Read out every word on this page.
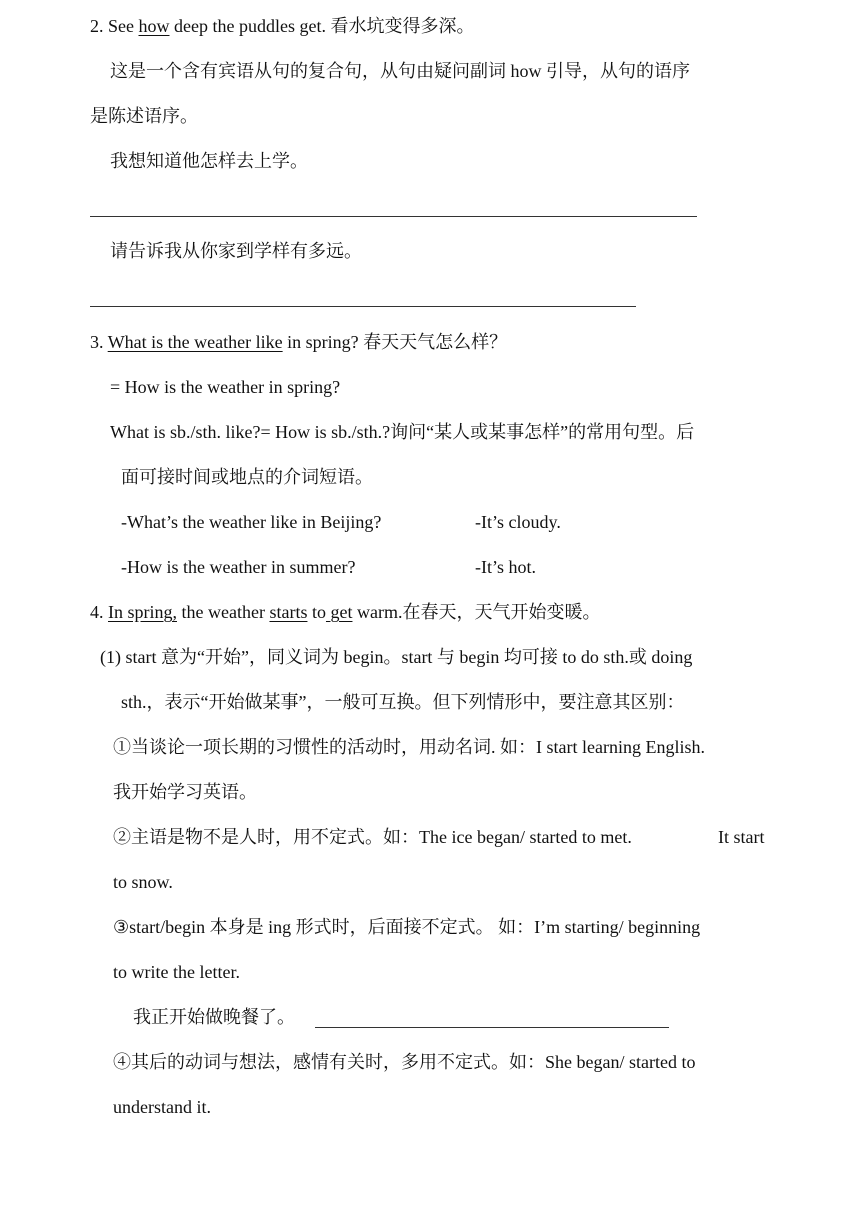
2. See how deep the puddles get. 看水坑变得多深。
这是一个含有宾语从句的复合句，从句由疑问副词 how 引导，从句的语序
是陈述语序。
我想知道他怎样去上学。
请告诉我从你家到学样有多远。
3. What is the weather like in spring? 春天天气怎么样？
= How is the weather in spring?
What is sb./sth. like?= How is sb./sth.?询问“某人或某事怎样”的常用句型。后
面可接时间或地点的介词短语。
-What’s the weather like in Beijing?	-It’s cloudy.
-How is the weather in summer?	-It’s hot.
4. In spring, the weather starts to get warm.在春天，天气开始变暖。
(1) start 意为“开始”，同义词为 begin。start 与 begin 均可接 to do sth.或 doing
sth.，表示“开始做某事”，一般可互换。但下列情形中，要注意其区别：
①当谈论一项长期的习惯性的活动时，用动名词. 如：I start learning English.
我开始学习英语。
②主语是物不是人时，用不定式。如：The ice began/ started to met.	It start
to snow.
③start/begin 本身是 ing 形式时，后面接不定式。 如：I’m starting/ beginning
to write the letter.
我正开始做晚餐了。
④其后的动词与想法，感情有关时，多用不定式。如：She began/ started to
understand it.
